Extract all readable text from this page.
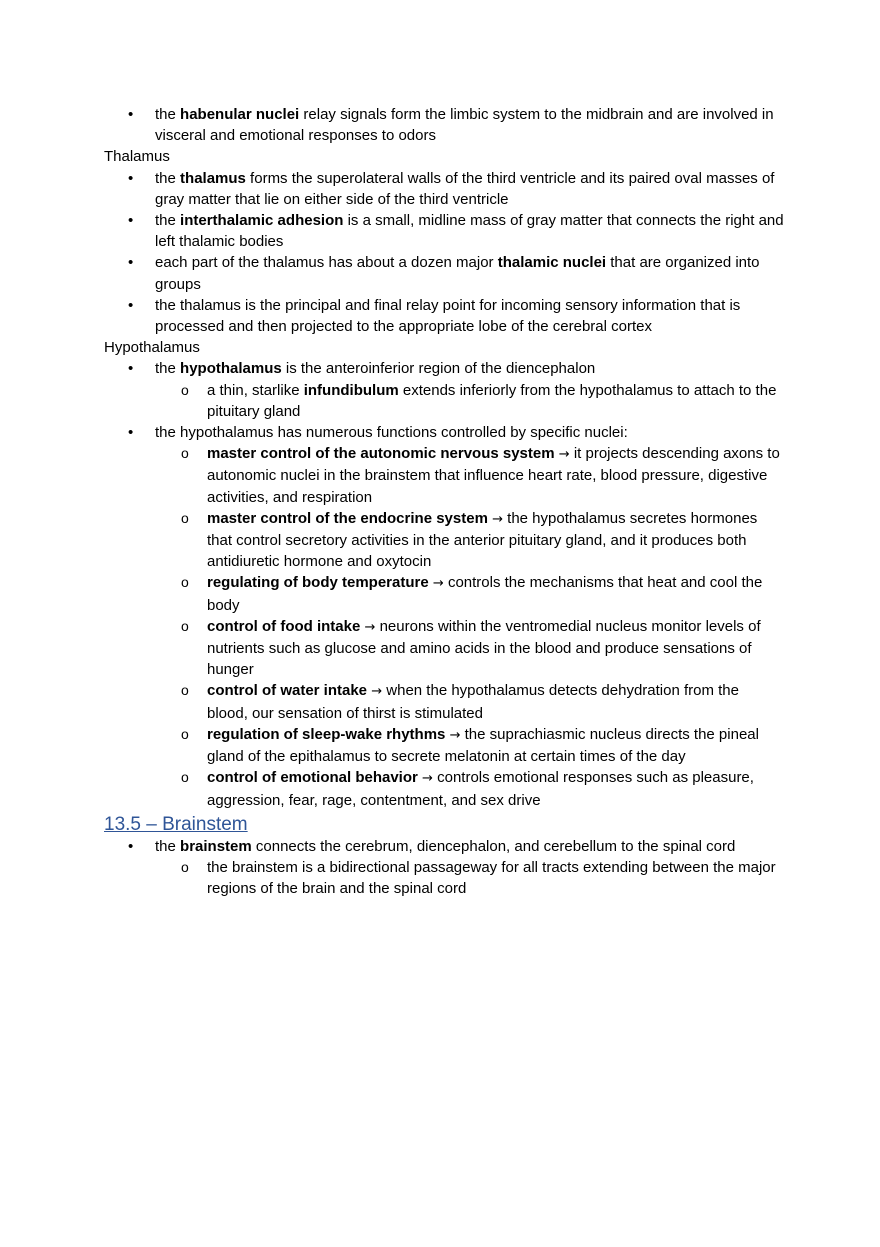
• the habenular nuclei relay signals form the limbic system to the midbrain and are involved in visceral and emotional responses to odors
Thalamus
• the thalamus forms the superolateral walls of the third ventricle and its paired oval masses of gray matter that lie on either side of the third ventricle
• the interthalamic adhesion is a small, midline mass of gray matter that connects the right and left thalamic bodies
• each part of the thalamus has about a dozen major thalamic nuclei that are organized into groups
• the thalamus is the principal and final relay point for incoming sensory information that is processed and then projected to the appropriate lobe of the cerebral cortex
Hypothalamus
• the hypothalamus is the anteroinferior region of the diencephalon
o a thin, starlike infundibulum extends inferiorly from the hypothalamus to attach to the pituitary gland
• the hypothalamus has numerous functions controlled by specific nuclei:
o master control of the autonomic nervous system → it projects descending axons to autonomic nuclei in the brainstem that influence heart rate, blood pressure, digestive activities, and respiration
o master control of the endocrine system → the hypothalamus secretes hormones that control secretory activities in the anterior pituitary gland, and it produces both antidiuretic hormone and oxytocin
o regulating of body temperature → controls the mechanisms that heat and cool the body
o control of food intake → neurons within the ventromedial nucleus monitor levels of nutrients such as glucose and amino acids in the blood and produce sensations of hunger
o control of water intake → when the hypothalamus detects dehydration from the blood, our sensation of thirst is stimulated
o regulation of sleep-wake rhythms → the suprachiasmic nucleus directs the pineal gland of the epithalamus to secrete melatonin at certain times of the day
o control of emotional behavior → controls emotional responses such as pleasure, aggression, fear, rage, contentment, and sex drive
13.5 – Brainstem
• the brainstem connects the cerebrum, diencephalon, and cerebellum to the spinal cord
o the brainstem is a bidirectional passageway for all tracts extending between the major regions of the brain and the spinal cord
